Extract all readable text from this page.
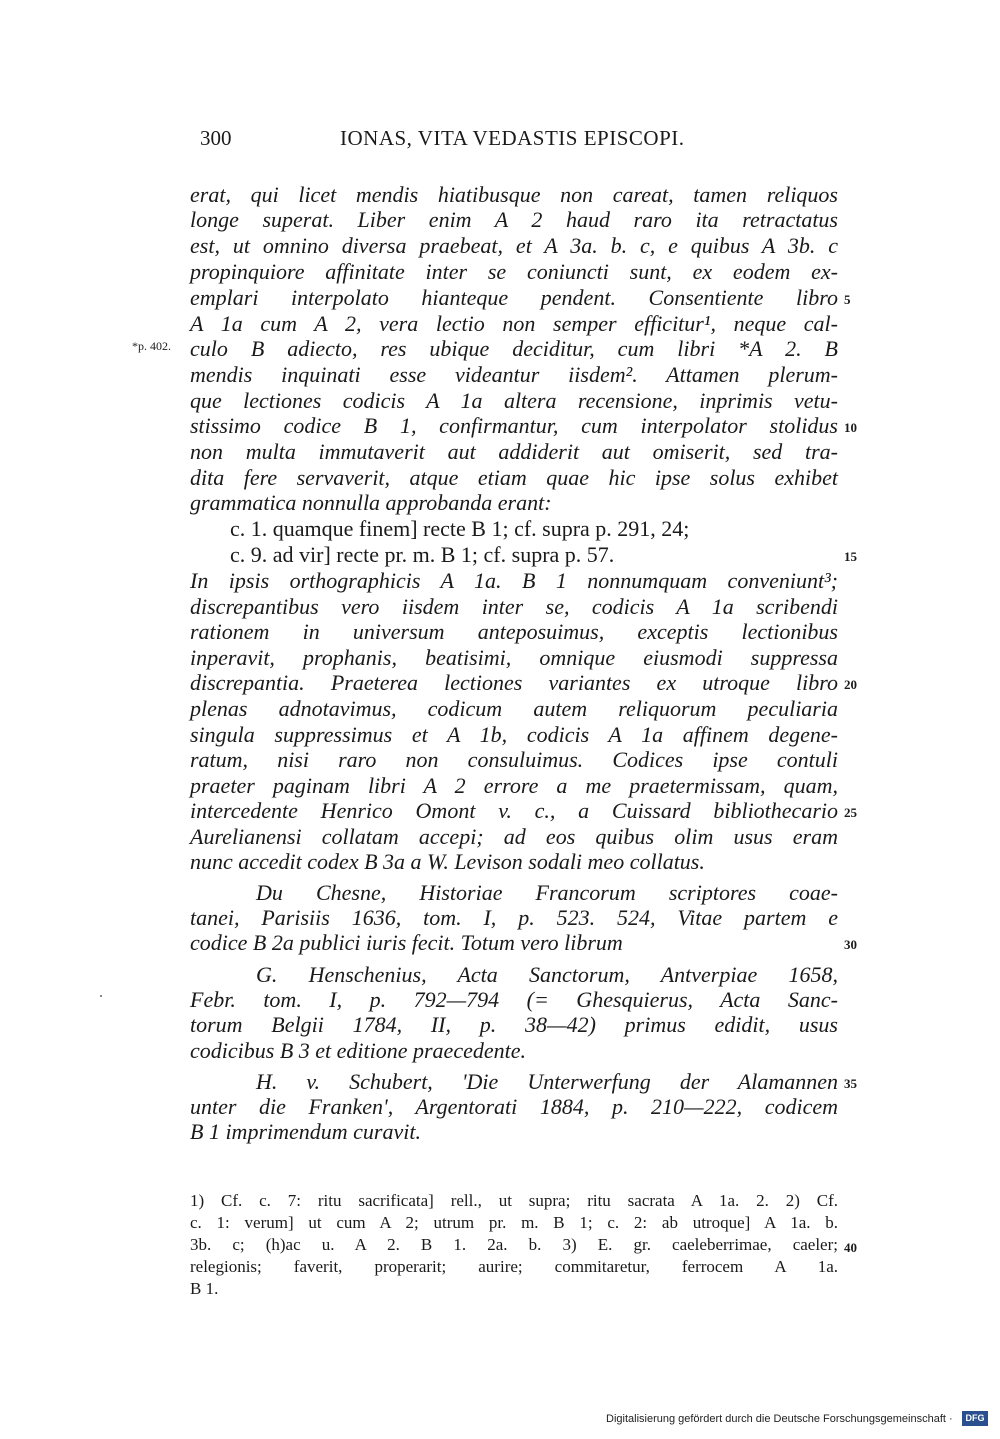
300	IONAS, VITA VEDASTIS EPISCOPI.
*p. 402.
erat, qui licet mendis hiatibusque non careat, tamen reliquos
longe superat. Liber enim A 2 haud raro ita retractatus
est, ut omnino diversa praebeat, et A 3a. b. c, e quibus A 3b. c
propinquiore affinitate inter se coniuncti sunt, ex eodem ex-
emplari interpolato hianteque pendent. Consentiente libro
A 1a cum A 2, vera lectio non semper efficitur¹, neque cal-
culo B adiecto, res ubique deciditur, cum libri *A 2. B
mendis inquinati esse videantur iisdem². Attamen plerum-
que lectiones codicis A 1a altera recensione, inprimis vetu-
stissimo codice B 1, confirmantur, cum interpolator stolidus
non multa immutaverit aut addiderit aut omiserit, sed tra-
dita fere servaverit, atque etiam quae hic ipse solus exhibet
grammatica nonnulla approbanda erant:
c. 1. quamque finem] recte B 1; cf. supra p. 291, 24;
c. 9. ad vir] recte pr. m. B 1; cf. supra p. 57.
In ipsis orthographicis A 1a. B 1 nonnumquam conveniunt³;
discrepantibus vero iisdem inter se, codicis A 1a scribendi
rationem in universum anteposuimus, exceptis lectionibus
inperavit, prophanis, beatisimi, omnique eiusmodi suppressa
discrepantia. Praeterea lectiones variantes ex utroque libro
plenas adnotavimus, codicum autem reliquorum peculiaria
singula suppressimus et A 1b, codicis A 1a affinem degene-
ratum, nisi raro non consuluimus. Codices ipse contuli
praeter paginam libri A 2 errore a me praetermissam, quam,
intercedente Henrico Omont v. c., a Cuissard bibliothecario
Aurelianensi collatam accepi; ad eos quibus olim usus eram
nunc accedit codex B 3a a W. Levison sodali meo collatus.
Du Chesne, Historiae Francorum scriptores coae-
tanei, Parisiis 1636, tom. I, p. 523. 524, Vitae partem e
codice B 2a publici iuris fecit. Totum vero librum
G. Henschenius, Acta Sanctorum, Antverpiae 1658,
Febr. tom. I, p. 792—794 (= Ghesquierus, Acta Sanc-
torum Belgii 1784, II, p. 38—42) primus edidit, usus
codicibus B 3 et editione praecedente.
H. v. Schubert, 'Die Unterwerfung der Alamannen
unter die Franken', Argentorati 1884, p. 210—222, codicem
B 1 imprimendum curavit.
5
10
15
20
25
30
35
40
1) Cf. c. 7: ritu sacrificata] rell., ut supra; ritu sacrata A 1a. 2. 2) Cf.
c. 1: verum] ut cum A 2; utrum pr. m. B 1; c. 2: ab utroque] A 1a. b.
3b. c; (h)ac u. A 2. B 1. 2a. b. 3) E. gr. caeleberrimae, caeler;
relegionis; faverit, properarit; aurire; commitaretur, ferrocem A 1a.
B 1.
Digitalisierung gefördert durch die Deutsche Forschungsgemeinschaft ·	DFG
